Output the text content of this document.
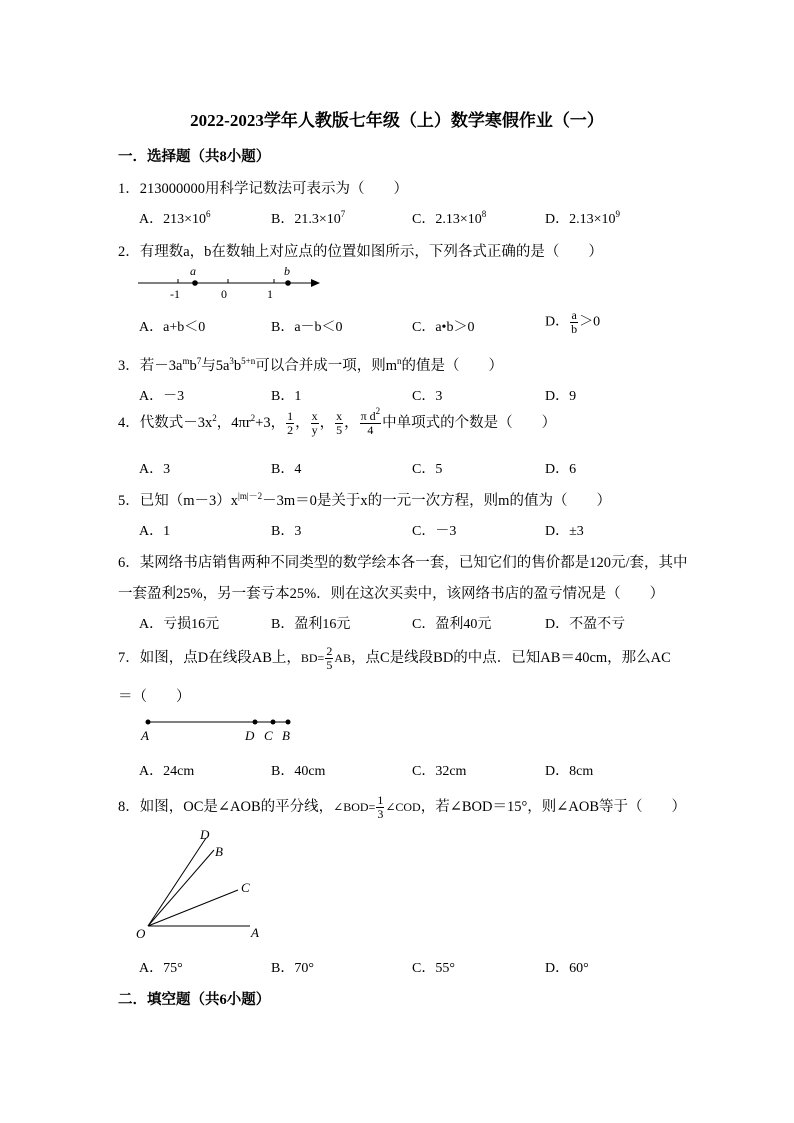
2022-2023学年人教版七年级（上）数学寒假作业（一）
一．选择题（共8小题）
1．213000000用科学记数法可表示为（　　）
A．$213\times 10^6$	B．$21.3\times 10^7$	C．$2.13\times 10^8$	D．$2.13\times 10^9$
2．有理数a，b在数轴上对应点的位置如图所示，下列各式正确的是（　　）
a	b
-1	0	1
A．a+b＜0	B．a－b＜0	C．a•b＞0	D． $\frac{a}{b} >0$
3．若$-3a^mb^7$与$5a^3b^{5+n}$可以合并成一项，则$m^n$的值是（　　）
A．－3	B．1	C．3	D．9
4．代数式$-3x^2$，$4\pi r^2+3$， $\frac{1}{2}$ ， $\frac{x}{y}$ ， $\frac{x}{5}$ ， $\frac{\pi d^2}{4}$ 中单项式的个数是（　　）
A．3	B．4	C．5	D．6
5．已知$(m-3)x^{|m|-2}-3m=0$是关于x的一元一次方程，则m的值为（　　）
A．1	B．3	C．－3	D．±3
6．某网络书店销售两种不同类型的数学绘本各一套，已知它们的售价都是120元/套，其中
一套盈利25%，另一套亏本25%．则在这次买卖中，该网络书店的盈亏情况是（　　）
A．亏损16元	B．盈利16元	C．盈利40元	D．不盈不亏
7．如图，点D在线段AB上，$BD= \frac{2}{5}$ AB，点C是线段BD的中点．已知AB＝40cm，那么AC
＝（　　）
A	D C B
A．24cm	B．40cm	C．32cm	D．8cm
8．如图，OC是∠AOB的平分线，∠BOD= $\frac{1}{3}$ ∠COD，若∠BOD＝15°，则∠AOB等于（　　）
D
B
C
O	A
A．75°	B．70°	C．55°	D．60°
二．填空题（共6小题）
